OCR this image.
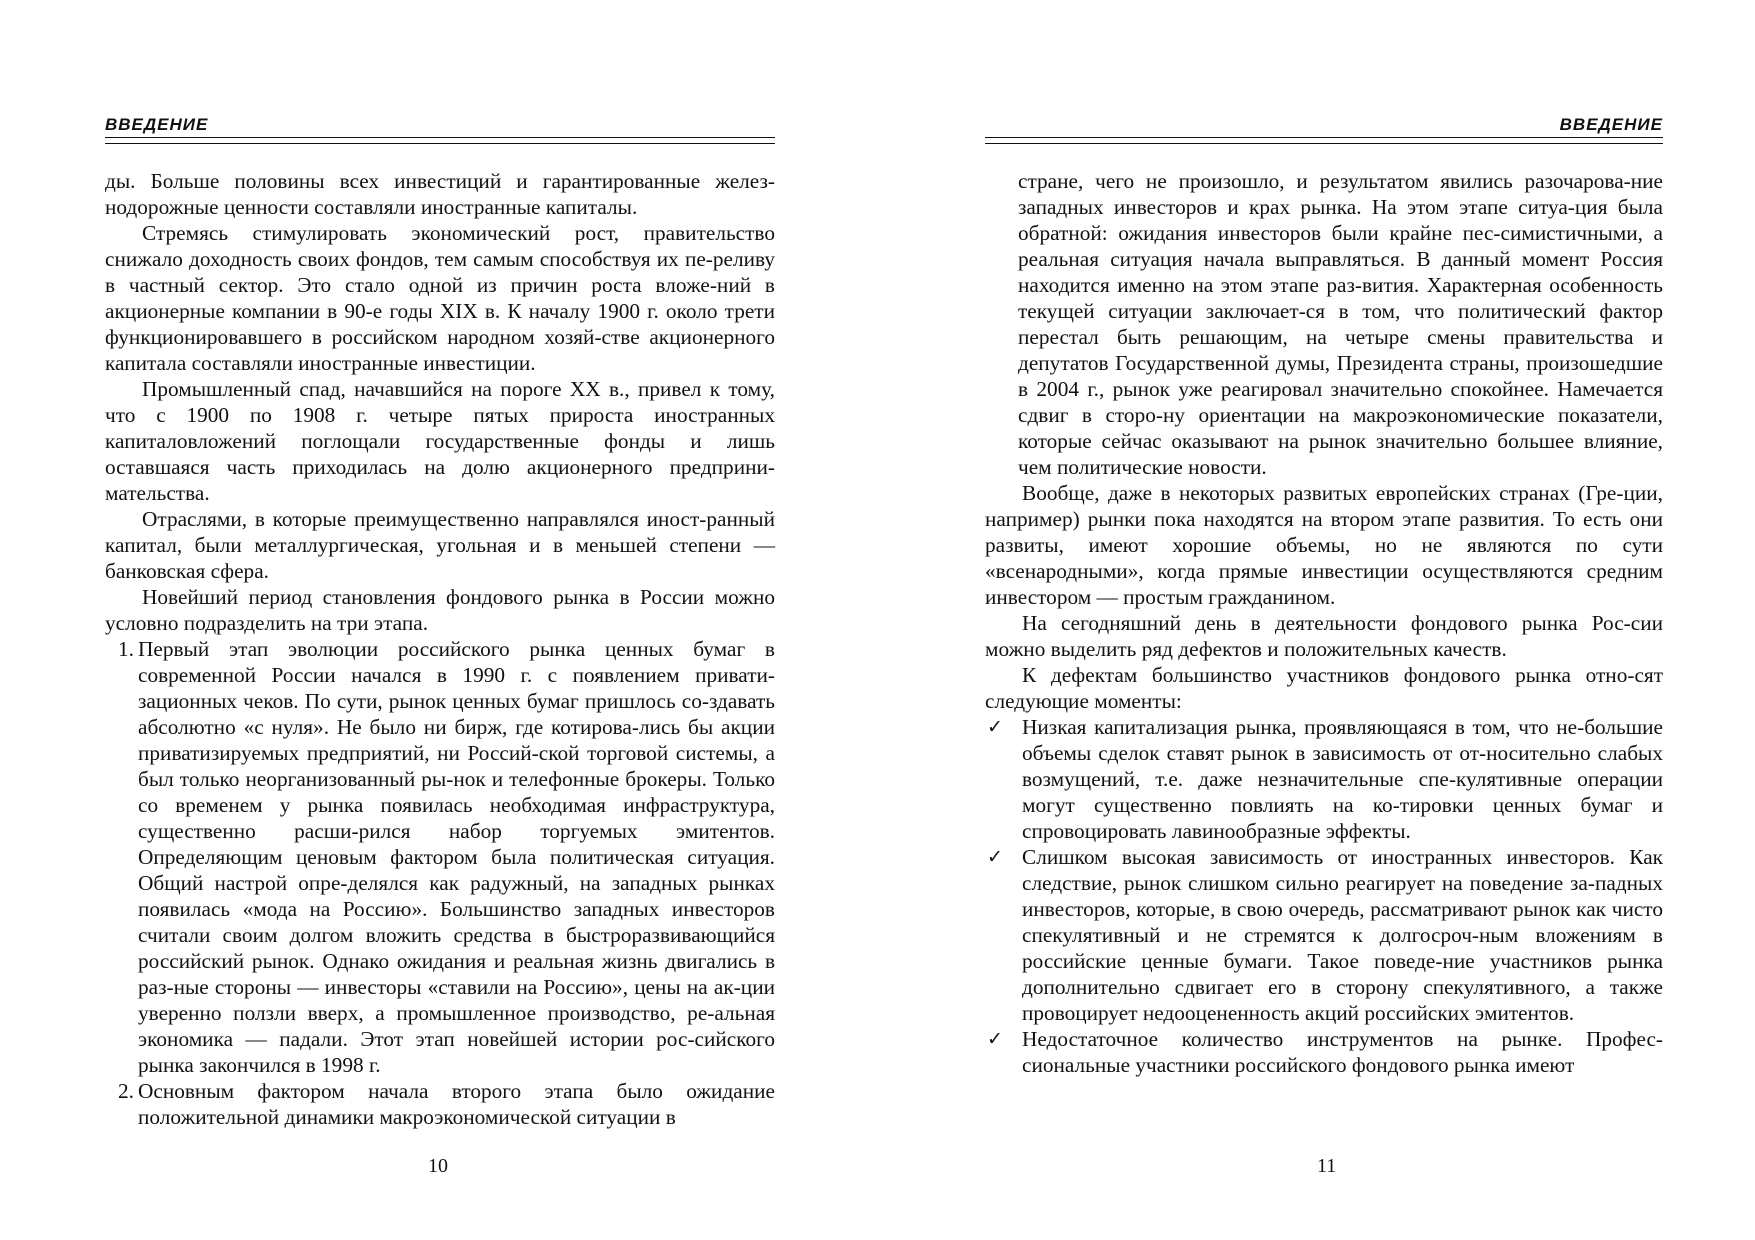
ВВЕДЕНИЕ

ды. Больше половины всех инвестиций и гарантированные желез-нодорожные ценности составляли иностранные капиталы.

Стремясь стимулировать экономический рост, правительство снижало доходность своих фондов, тем самым способствуя их пе-реливу в частный сектор. Это стало одной из причин роста вложе-ний в акционерные компании в 90-е годы XIX в. К началу 1900 г. около трети функционировавшего в российском народном хозяй-стве акционерного капитала составляли иностранные инвестиции.

Промышленный спад, начавшийся на пороге XX в., привел к тому, что с 1900 по 1908 г. четыре пятых прироста иностранных капиталовложений поглощали государственные фонды и лишь оставшаяся часть приходилась на долю акционерного предприни-мательства.

Отраслями, в которые преимущественно направлялся иност-ранный капитал, были металлургическая, угольная и в меньшей степени — банковская сфера.

Новейший период становления фондового рынка в России можно условно подразделить на три этапа.

1. Первый этап эволюции российского рынка ценных бумаг в современной России начался в 1990 г. с появлением привати-зационных чеков. По сути, рынок ценных бумаг пришлось со-здавать абсолютно «с нуля». Не было ни бирж, где котирова-лись бы акции приватизируемых предприятий, ни Россий-ской торговой системы, а был только неорганизованный ры-нок и телефонные брокеры. Только со временем у рынка появилась необходимая инфраструктура, существенно расши-рился набор торгуемых эмитентов. Определяющим ценовым фактором была политическая ситуация. Общий настрой опре-делялся как радужный, на западных рынках появилась «мода на Россию». Большинство западных инвесторов считали своим долгом вложить средства в быстроразвивающийся российский рынок. Однако ожидания и реальная жизнь двигались в раз-ные стороны — инвесторы «ставили на Россию», цены на ак-ции уверенно ползли вверх, а промышленное производство, ре-альная экономика — падали. Этот этап новейшей истории рос-сийского рынка закончился в 1998 г.
2. Основным фактором начала второго этапа было ожидание положительной динамики макроэкономической ситуации в
10
ВВЕДЕНИЕ
стране, чего не произошло, и результатом явились разочарова-ние западных инвесторов и крах рынка. На этом этапе ситуа-ция была обратной: ожидания инвесторов были крайне пес-симистичными, а реальная ситуация начала выправляться. В данный момент Россия находится именно на этом этапе раз-вития. Характерная особенность текущей ситуации заключает-ся в том, что политический фактор перестал быть решающим, на четыре смены правительства и депутатов Государственной думы, Президента страны, произошедшие в 2004 г., рынок уже реагировал значительно спокойнее. Намечается сдвиг в сторо-ну ориентации на макроэкономические показатели, которые сейчас оказывают на рынок значительно большее влияние, чем политические новости.

Вообще, даже в некоторых развитых европейских странах (Гре-ции, например) рынки пока находятся на втором этапе развития. То есть они развиты, имеют хорошие объемы, но не являются по сути «всенародными», когда прямые инвестиции осуществляются средним инвестором — простым гражданином.

На сегодняшний день в деятельности фондового рынка Рос-сии можно выделить ряд дефектов и положительных качеств.

К дефектам большинство участников фондового рынка отно-сят следующие моменты:

✓ Низкая капитализация рынка, проявляющаяся в том, что не-большие объемы сделок ставят рынок в зависимость от от-носительно слабых возмущений, т.е. даже незначительные спе-кулятивные операции могут существенно повлиять на ко-тировки ценных бумаг и спровоцировать лавинообразные эффекты.
✓ Слишком высокая зависимость от иностранных инвесторов. Как следствие, рынок слишком сильно реагирует на поведение за-падных инвесторов, которые, в свою очередь, рассматривают рынок как чисто спекулятивный и не стремятся к долгосроч-ным вложениям в российские ценные бумаги. Такое поведе-ние участников рынка дополнительно сдвигает его в сторону спекулятивного, а также провоцирует недооцененность акций российских эмитентов.
✓ Недостаточное количество инструментов на рынке. Профес-сиональные участники российского фондового рынка имеют
11
